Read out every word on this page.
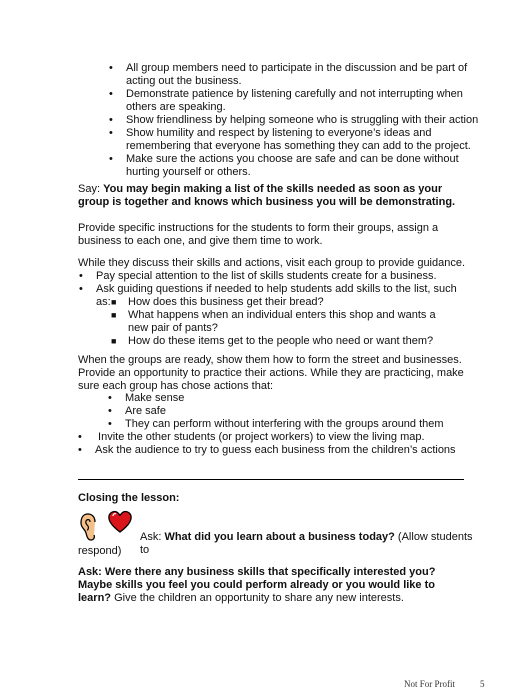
• All group members need to participate in the discussion and be part of acting out the business.
• Demonstrate patience by listening carefully and not interrupting when others are speaking.
• Show friendliness by helping someone who is struggling with their action
• Show humility and respect by listening to everyone’s ideas and remembering that everyone has something they can add to the project.
• Make sure the actions you choose are safe and can be done without hurting yourself or others.
Say: You may begin making a list of the skills needed as soon as your group is together and knows which business you will be demonstrating.
Provide specific instructions for the students to form their groups, assign a business to each one, and give them time to work.
While they discuss their skills and actions, visit each group to provide guidance.
• Pay special attention to the list of skills students create for a business.
• Ask guiding questions if needed to help students add skills to the list, such as: ■ How does this business get their bread?
■ What happens when an individual enters this shop and wants a new pair of pants?
■ How do these items get to the people who need or want them?
When the groups are ready, show them how to form the street and businesses. Provide an opportunity to practice their actions. While they are practicing, make sure each group has chose actions that:
• Make sense
• Are safe
• They can perform without interfering with the groups around them
• Invite the other students (or project workers) to view the living map.
• Ask the audience to try to guess each business from the children’s actions
Closing the lesson:
Ask: What did you learn about a business today? (Allow students to
respond)
Ask: Were there any business skills that specifically interested you? Maybe skills you feel you could perform already or you would like to learn? Give the children an opportunity to share any new interests.
Not For Profit	5
